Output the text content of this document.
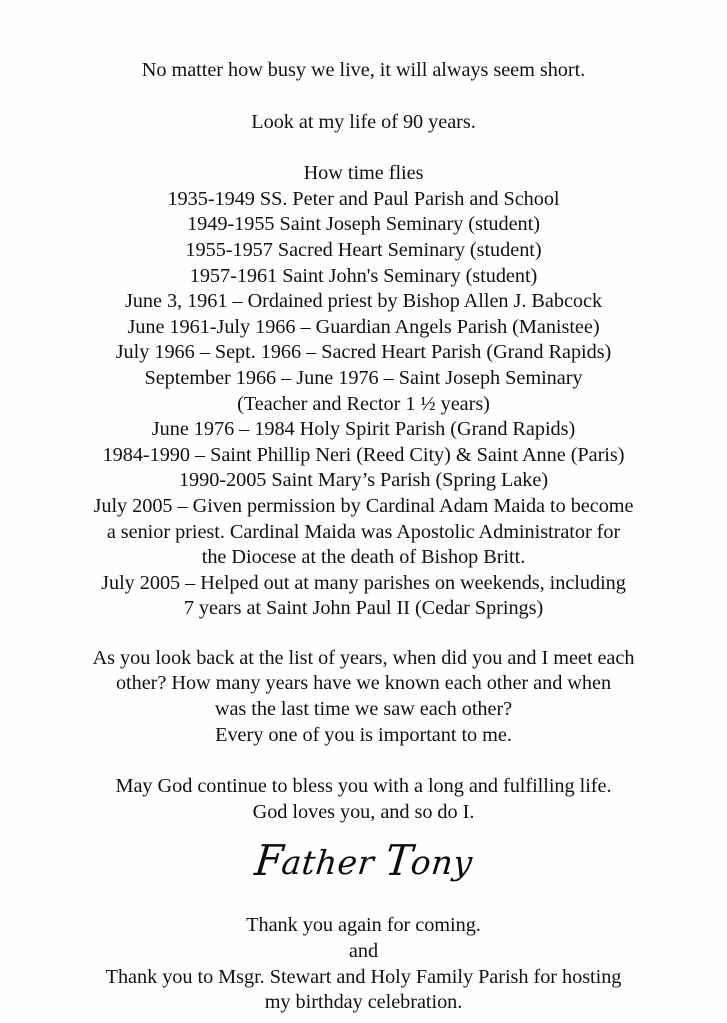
No matter how busy we live, it will always seem short.
Look at my life of 90 years.
How time flies
1935-1949 SS. Peter and Paul Parish and School
1949-1955 Saint Joseph Seminary (student)
1955-1957 Sacred Heart Seminary (student)
1957-1961 Saint John's Seminary (student)
June 3, 1961 – Ordained priest by Bishop Allen J. Babcock
June 1961-July 1966 – Guardian Angels Parish (Manistee)
July 1966 – Sept. 1966 – Sacred Heart Parish (Grand Rapids)
September 1966 – June 1976 – Saint Joseph Seminary
(Teacher and Rector 1 ½ years)
June 1976 – 1984 Holy Spirit Parish (Grand Rapids)
1984-1990 – Saint Phillip Neri (Reed City) & Saint Anne (Paris)
1990-2005 Saint Mary’s Parish (Spring Lake)
July 2005 – Given permission by Cardinal Adam Maida to become
a senior priest. Cardinal Maida was Apostolic Administrator for
the Diocese at the death of Bishop Britt.
July 2005 – Helped out at many parishes on weekends, including
7 years at Saint John Paul II (Cedar Springs)
As you look back at the list of years, when did you and I meet each
other? How many years have we known each other and when
was the last time we saw each other?
Every one of you is important to me.
May God continue to bless you with a long and fulfilling life.
God loves you, and so do I.
Father Tony
Thank you again for coming.
and
Thank you to Msgr. Stewart and Holy Family Parish for hosting
my birthday celebration.
